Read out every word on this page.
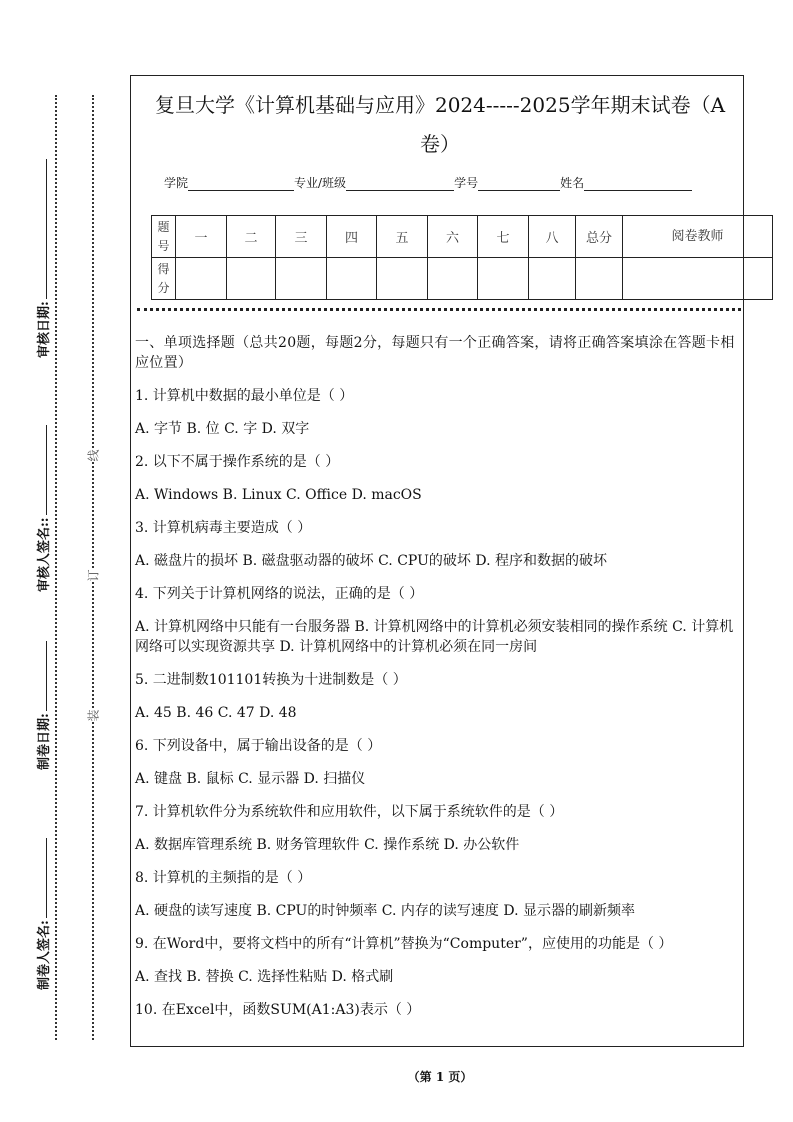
线
订
装
制卷人签名:
制卷日期:
审核人签名::
审核日期:
复旦大学《计算机基础与应用》2024-----2025学年期末试卷（A
卷）
学院	专业/班级	学号	姓名
题号	一	二	三	四	五	六	七	八	总分	阅卷教师
得分										

一、单项选择题（总共20题，每题2分，每题只有一个正确答案，请将正确答案填涂在答题卡相应位置）

1. 计算机中数据的最小单位是（ ）

A. 字节 B. 位 C. 字 D. 双字

2. 以下不属于操作系统的是（ ）

A. Windows B. Linux C. Office D. macOS

3. 计算机病毒主要造成（ ）

A. 磁盘片的损坏 B. 磁盘驱动器的破坏 C. CPU的破坏 D. 程序和数据的破坏

4. 下列关于计算机网络的说法，正确的是（ ）

A. 计算机网络中只能有一台服务器 B. 计算机网络中的计算机必须安装相同的操作系统 C. 计算机网络可以实现资源共享 D. 计算机网络中的计算机必须在同一房间

5. 二进制数101101转换为十进制数是（ ）

A. 45 B. 46 C. 47 D. 48

6. 下列设备中，属于输出设备的是（ ）

A. 键盘 B. 鼠标 C. 显示器 D. 扫描仪

7. 计算机软件分为系统软件和应用软件，以下属于系统软件的是（ ）

A. 数据库管理系统 B. 财务管理软件 C. 操作系统 D. 办公软件

8. 计算机的主频指的是（ ）

A. 硬盘的读写速度 B. CPU的时钟频率 C. 内存的读写速度 D. 显示器的刷新频率

9. 在Word中，要将文档中的所有“计算机”替换为“Computer”，应使用的功能是（ ）

A. 查找 B. 替换 C. 选择性粘贴 D. 格式刷

10. 在Excel中，函数SUM(A1:A3)表示（ ）

（第 1 页）
